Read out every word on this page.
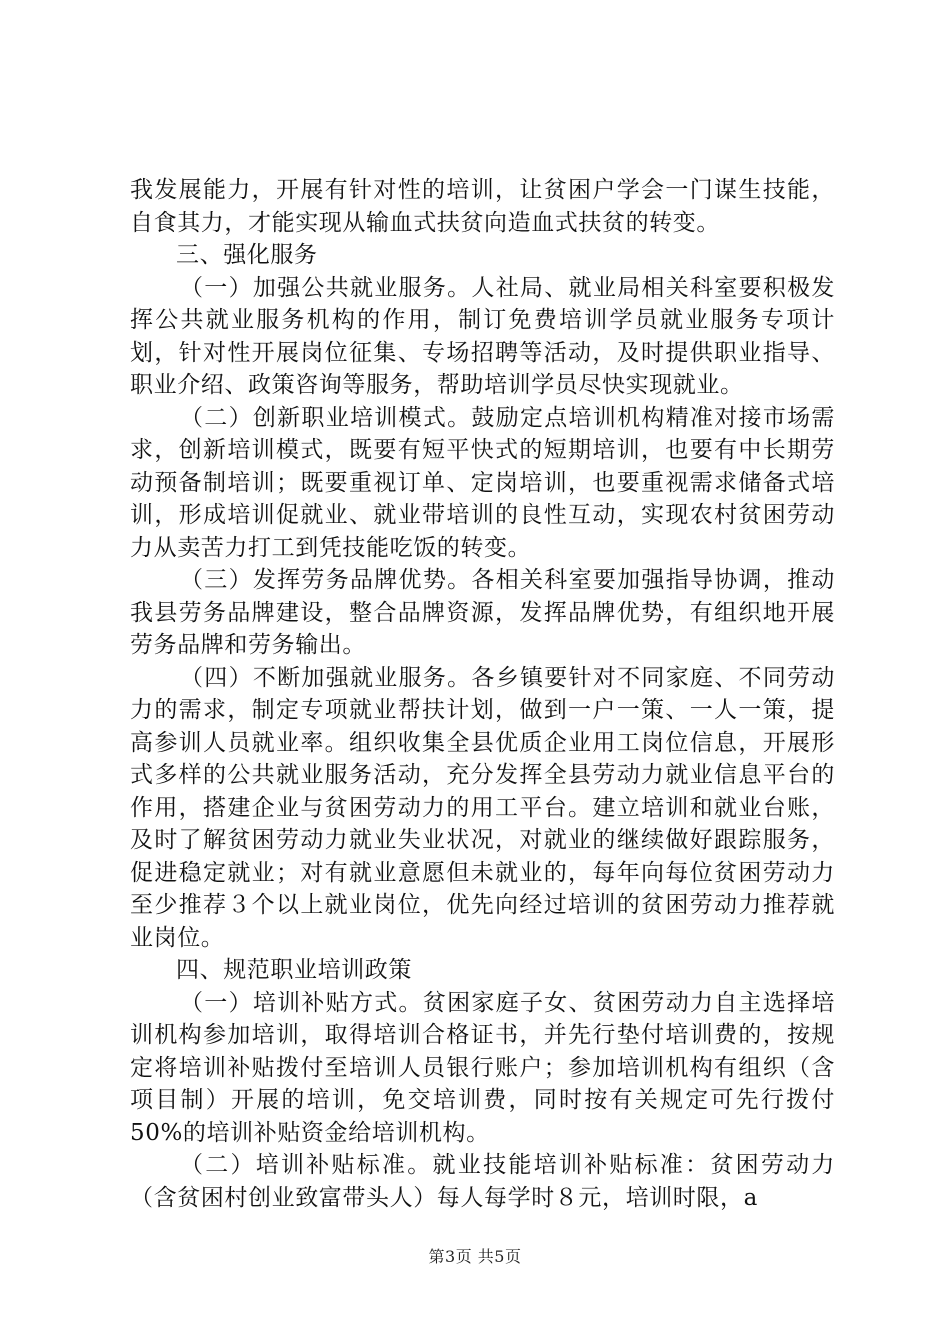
我发展能力，开展有针对性的培训，让贫困户学会一门谋生技能，自食其力，才能实现从输血式扶贫向造血式扶贫的转变。

三、强化服务

（一）加强公共就业服务。人社局、就业局相关科室要积极发挥公共就业服务机构的作用，制订免费培训学员就业服务专项计划，针对性开展岗位征集、专场招聘等活动，及时提供职业指导、职业介绍、政策咨询等服务，帮助培训学员尽快实现就业。

（二）创新职业培训模式。鼓励定点培训机构精准对接市场需求，创新培训模式，既要有短平快式的短期培训，也要有中长期劳动预备制培训；既要重视订单、定岗培训，也要重视需求储备式培训，形成培训促就业、就业带培训的良性互动，实现农村贫困劳动力从卖苦力打工到凭技能吃饭的转变。

（三）发挥劳务品牌优势。各相关科室要加强指导协调，推动我县劳务品牌建设，整合品牌资源，发挥品牌优势，有组织地开展劳务品牌和劳务输出。

（四）不断加强就业服务。各乡镇要针对不同家庭、不同劳动力的需求，制定专项就业帮扶计划，做到一户一策、一人一策，提高参训人员就业率。组织收集全县优质企业用工岗位信息，开展形式多样的公共就业服务活动，充分发挥全县劳动力就业信息平台的作用，搭建企业与贫困劳动力的用工平台。建立培训和就业台账，及时了解贫困劳动力就业失业状况，对就业的继续做好跟踪服务，促进稳定就业；对有就业意愿但未就业的，每年向每位贫困劳动力至少推荐３个以上就业岗位，优先向经过培训的贫困劳动力推荐就业岗位。

四、规范职业培训政策

（一）培训补贴方式。贫困家庭子女、贫困劳动力自主选择培训机构参加培训，取得培训合格证书，并先行垫付培训费的，按规定将培训补贴拨付至培训人员银行账户；参加培训机构有组织（含项目制）开展的培训，免交培训费，同时按有关规定可先行拨付50%的培训补贴资金给培训机构。

（二）培训补贴标准。就业技能培训补贴标准：贫困劳动力（含贫困村创业致富带头人）每人每学时８元，培训时限，a

第3页 共5页
